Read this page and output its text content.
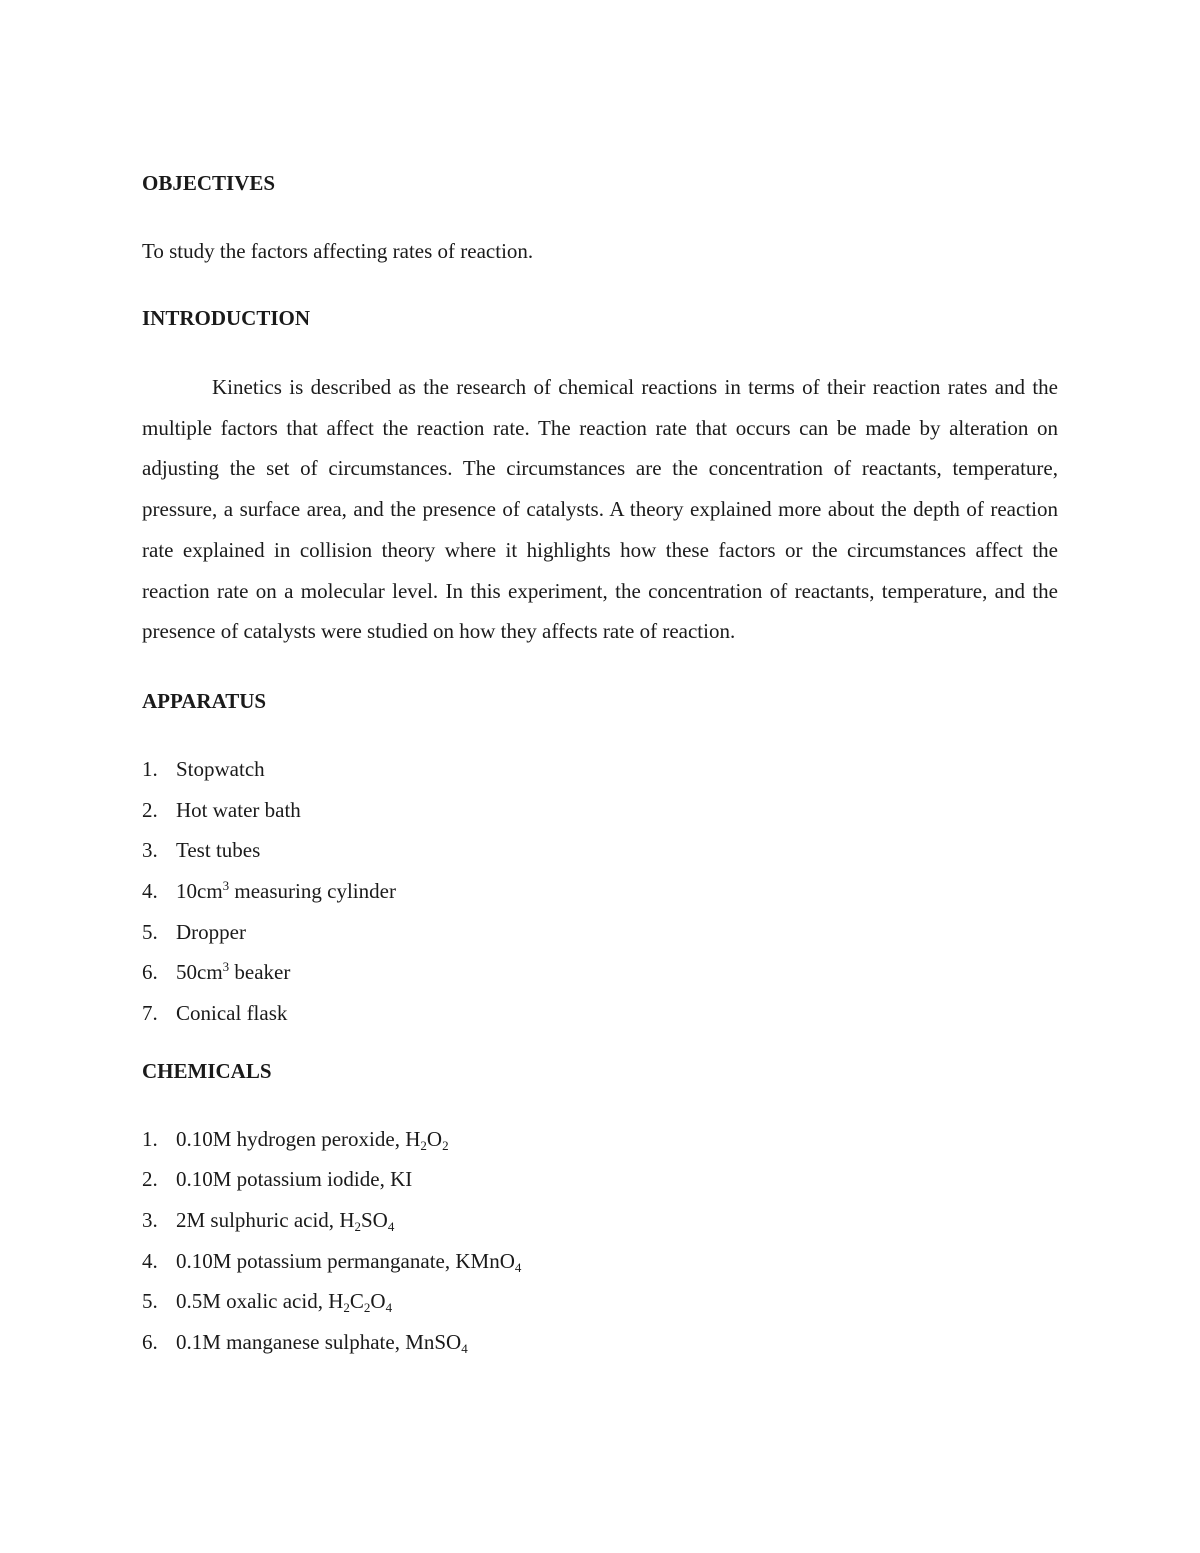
OBJECTIVES

To study the factors affecting rates of reaction.

INTRODUCTION

Kinetics is described as the research of chemical reactions in terms of their reaction rates and the multiple factors that affect the reaction rate. The reaction rate that occurs can be made by alteration on adjusting the set of circumstances. The circumstances are the concentration of reactants, temperature, pressure, a surface area, and the presence of catalysts. A theory explained more about the depth of reaction rate explained in collision theory where it highlights how these factors or the circumstances affect the reaction rate on a molecular level. In this experiment, the concentration of reactants, temperature, and the presence of catalysts were studied on how they affects rate of reaction.

APPARATUS

1. Stopwatch
2. Hot water bath
3. Test tubes
4. $10cm^3$ measuring cylinder
5. Dropper
6. $50cm^3$ beaker
7. Conical flask

CHEMICALS

1. 0.10M hydrogen peroxide, $H_2O_2$
2. 0.10M potassium iodide, KI
3. 2M sulphuric acid, $H_2SO_4$
4. 0.10M potassium permanganate, KMnO$_4$
5. 0.5M oxalic acid, $H_2C_2O_4$
6. 0.1M manganese sulphate, MnSO$_4$
